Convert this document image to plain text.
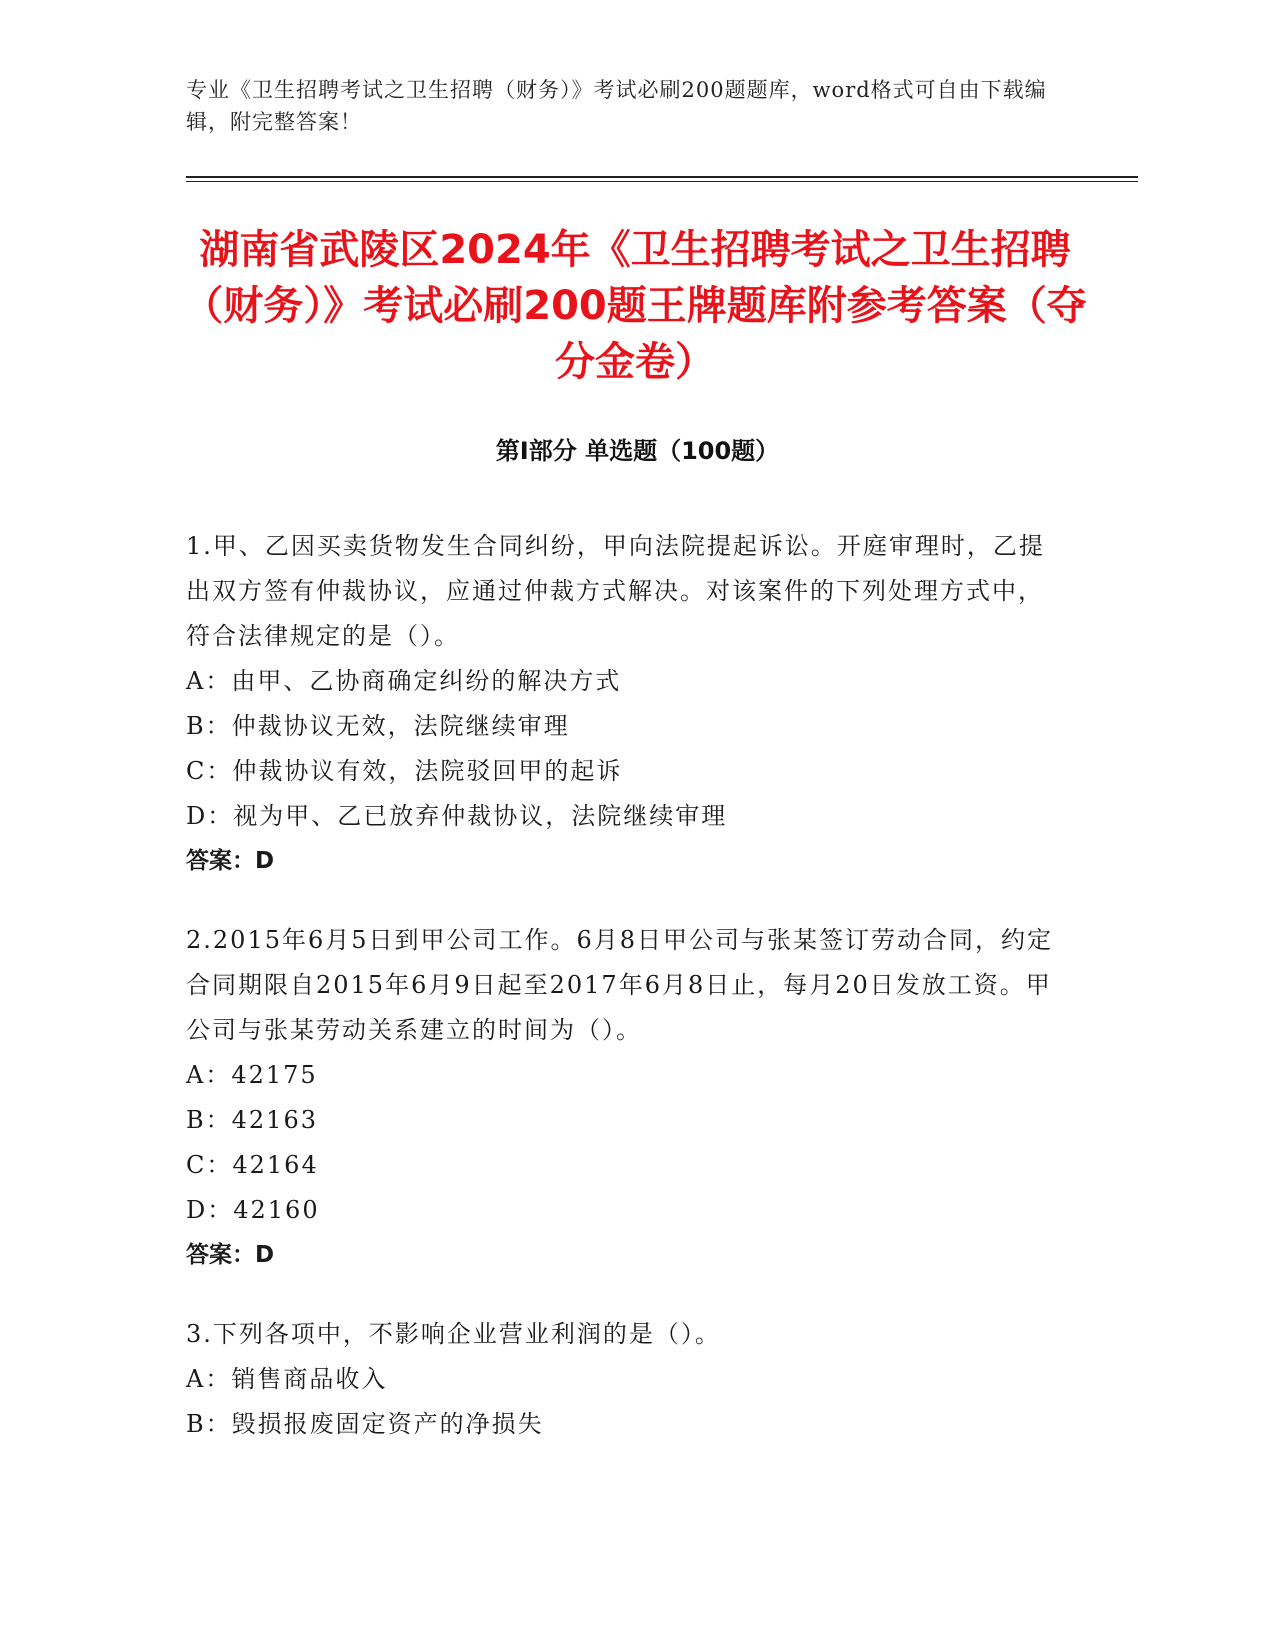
专业《卫生招聘考试之卫生招聘（财务）》考试必刷200题题库，word格式可自由下载编辑，附完整答案！
湖南省武陵区2024年《卫生招聘考试之卫生招聘（财务）》考试必刷200题王牌题库附参考答案（夺分金卷）
第Ⅰ部分 单选题（100题）

1.甲、乙因买卖货物发生合同纠纷，甲向法院提起诉讼。开庭审理时，乙提出双方签有仲裁协议，应通过仲裁方式解决。对该案件的下列处理方式中，符合法律规定的是（）。

A：由甲、乙协商确定纠纷的解决方式

B：仲裁协议无效，法院继续审理

C：仲裁协议有效，法院驳回甲的起诉

D：视为甲、乙已放弃仲裁协议，法院继续审理

答案：D

2.2015年6月5日到甲公司工作。6月8日甲公司与张某签订劳动合同，约定合同期限自2015年6月9日起至2017年6月8日止，每月20日发放工资。甲公司与张某劳动关系建立的时间为（）。

A：42175

B：42163

C：42164

D：42160

答案：D

3.下列各项中，不影响企业营业利润的是（）。

A：销售商品收入

B：毁损报废固定资产的净损失
